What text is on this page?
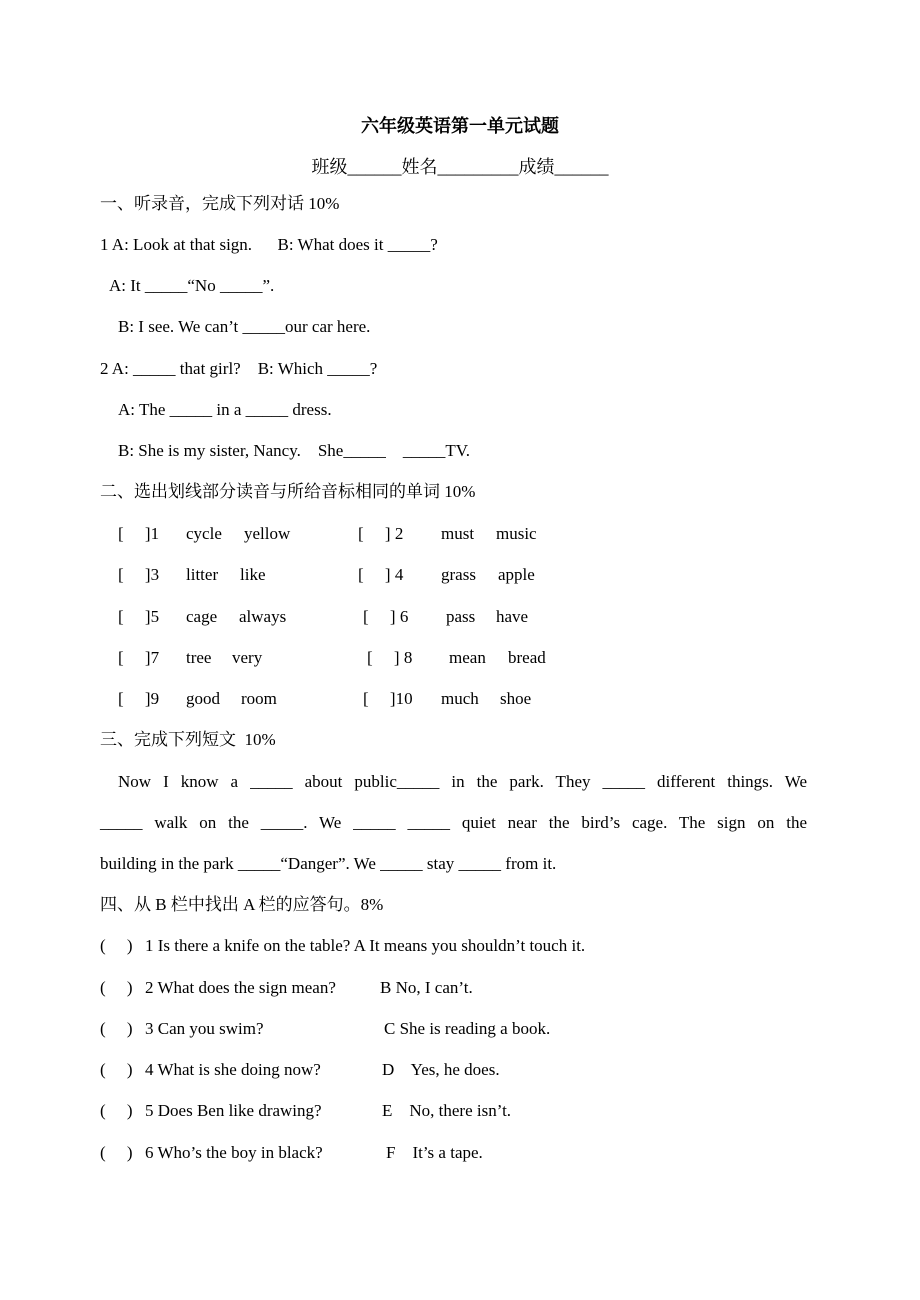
六年级英语第一单元试题
班级______姓名_________成绩______
一、听录音，完成下列对话 10%
1 A: Look at that sign.      B: What does it _____?
A: It _____“No _____”.
B: I see. We can’t _____our car here.
2 A: _____ that girl?    B: Which _____?
A: The _____ in a _____ dress.
B: She is my sister, Nancy.    She_____    _____TV.
二、选出划线部分读音与所给音标相同的单词 10%
[     ]1 cycle yellow	[     ] 2 must music
[     ]3 litter like	[     ] 4 grass apple
[     ]5 cage always	[     ] 6 pass have
[     ]7 tree very	[     ] 8 mean bread
[     ]9 good room	[     ]10 much shoe
三、完成下列短文  10%
Now I know a _____ about public_____ in the park. They _____ different things. We
_____ walk on the _____. We _____ _____ quiet near the bird’s cage. The sign on the
building in the park _____“Danger”. We _____ stay _____ from it.
四、从 B 栏中找出 A 栏的应答句。8%
(     ) 1 Is there a knife on the table? A It means you shouldn’t touch it.
(     ) 2 What does the sign mean?	B No, I can’t.
(     ) 3 Can you swim?	C She is reading a book.
(     ) 4 What is she doing now?	D    Yes, he does.
(     ) 5 Does Ben like drawing?	E    No, there isn’t.
(     ) 6 Who’s the boy in black?	F    It’s a tape.
